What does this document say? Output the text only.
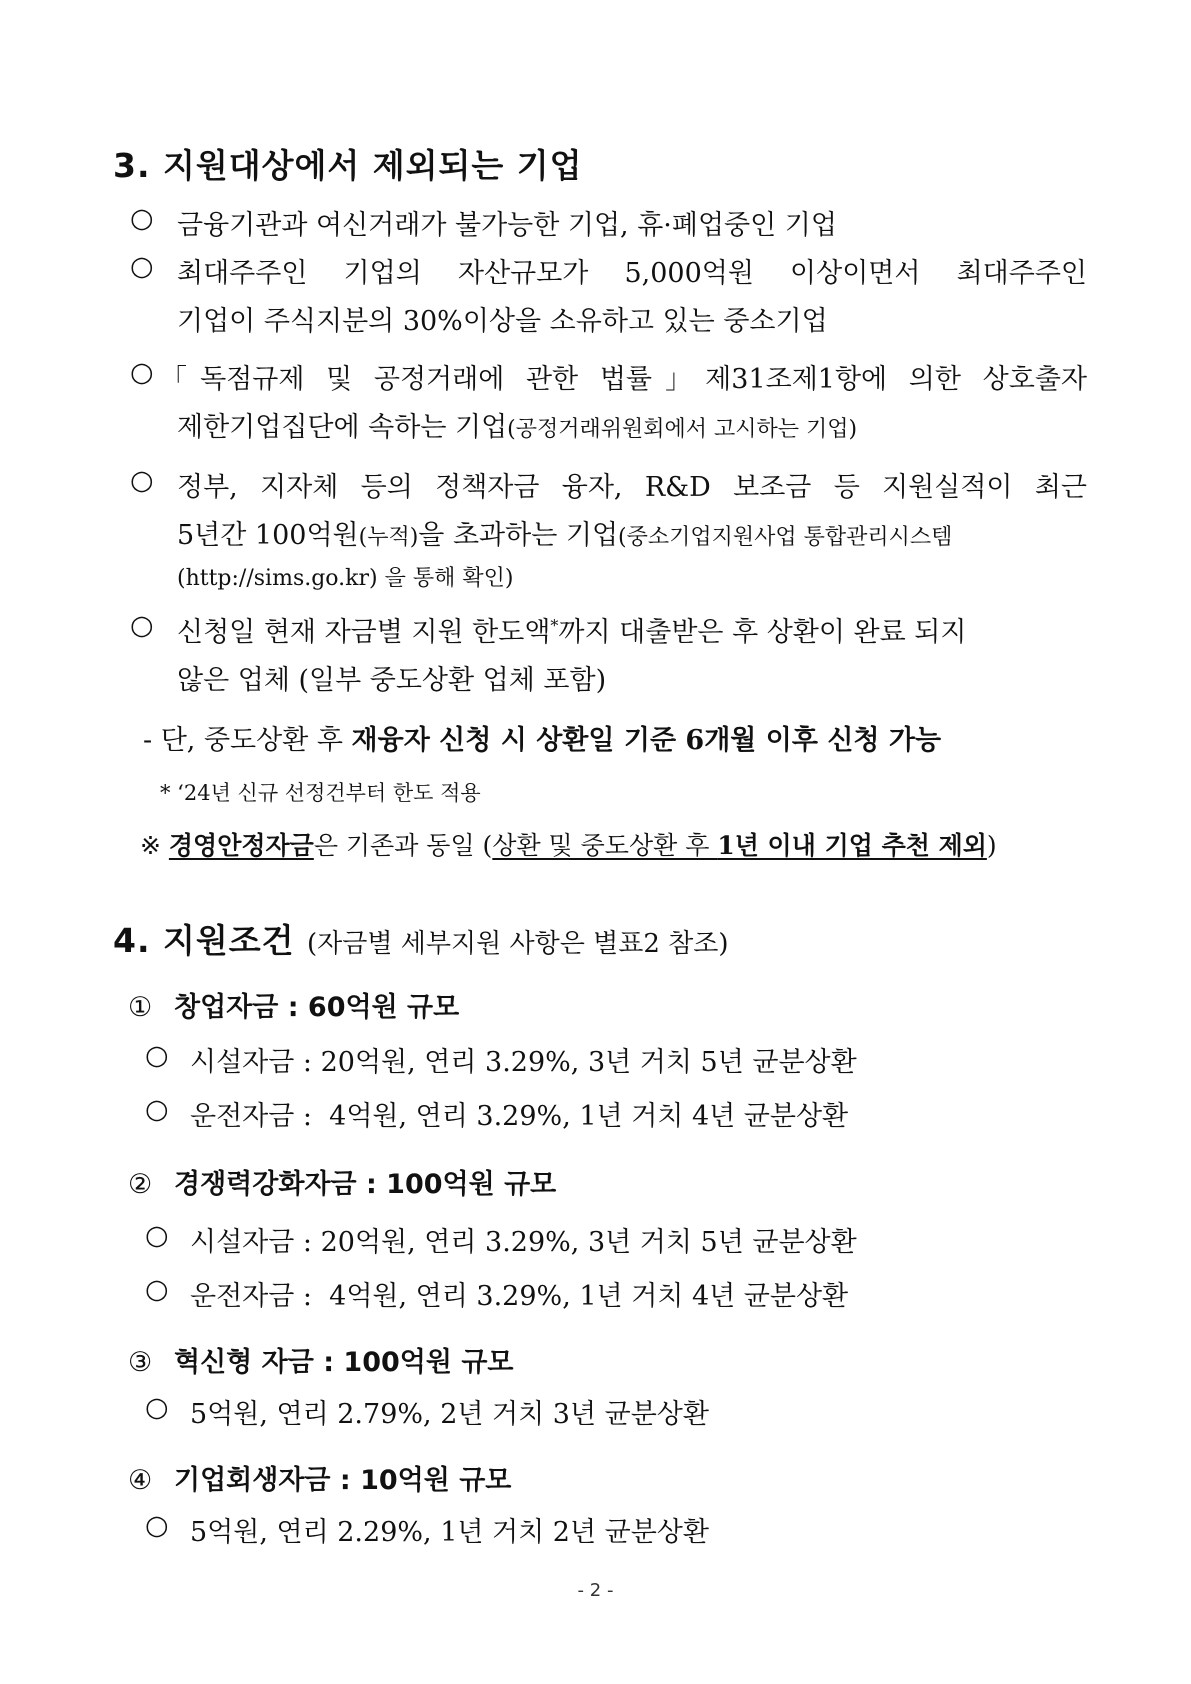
3. 지원대상에서 제외되는 기업
○ 금융기관과 여신거래가 불가능한 기업, 휴·폐업중인 기업
○ 최대주주인 기업의 자산규모가 5,000억원 이상이면서 최대주주인
기업이 주식지분의 30%이상을 소유하고 있는 중소기업
○ 「독점규제 및 공정거래에 관한 법률」제31조제1항에 의한 상호출자
제한기업집단에 속하는 기업(공정거래위원회에서 고시하는 기업)
○ 정부, 지자체 등의 정책자금 융자, R&D 보조금 등 지원실적이 최근
5년간 100억원(누적)을 초과하는 기업(중소기업지원사업 통합관리시스템
(http://sims.go.kr) 을 통해 확인)
○ 신청일 현재 자금별 지원 한도액*까지 대출받은 후 상환이 완료 되지
않은 업체 (일부 중도상환 업체 포함)
- 단, 중도상환 후 재융자 신청 시 상환일 기준 6개월 이후 신청 가능
* ‘24년 신규 선정건부터 한도 적용
※ 경영안정자금은 기존과 동일 (상환 및 중도상환 후 1년 이내 기업 추천 제외)
4. 지원조건 (자금별 세부지원 사항은 별표2 참조)
① 창업자금 : 60억원 규모
○ 시설자금 : 20억원, 연리 3.29%, 3년 거치 5년 균분상환
○ 운전자금 :  4억원, 연리 3.29%, 1년 거치 4년 균분상환
② 경쟁력강화자금 : 100억원 규모
○ 시설자금 : 20억원, 연리 3.29%, 3년 거치 5년 균분상환
○ 운전자금 :  4억원, 연리 3.29%, 1년 거치 4년 균분상환
③ 혁신형 자금 : 100억원 규모
○ 5억원, 연리 2.79%, 2년 거치 3년 균분상환
④ 기업회생자금 : 10억원 규모
○ 5억원, 연리 2.29%, 1년 거치 2년 균분상환
- 2 -
